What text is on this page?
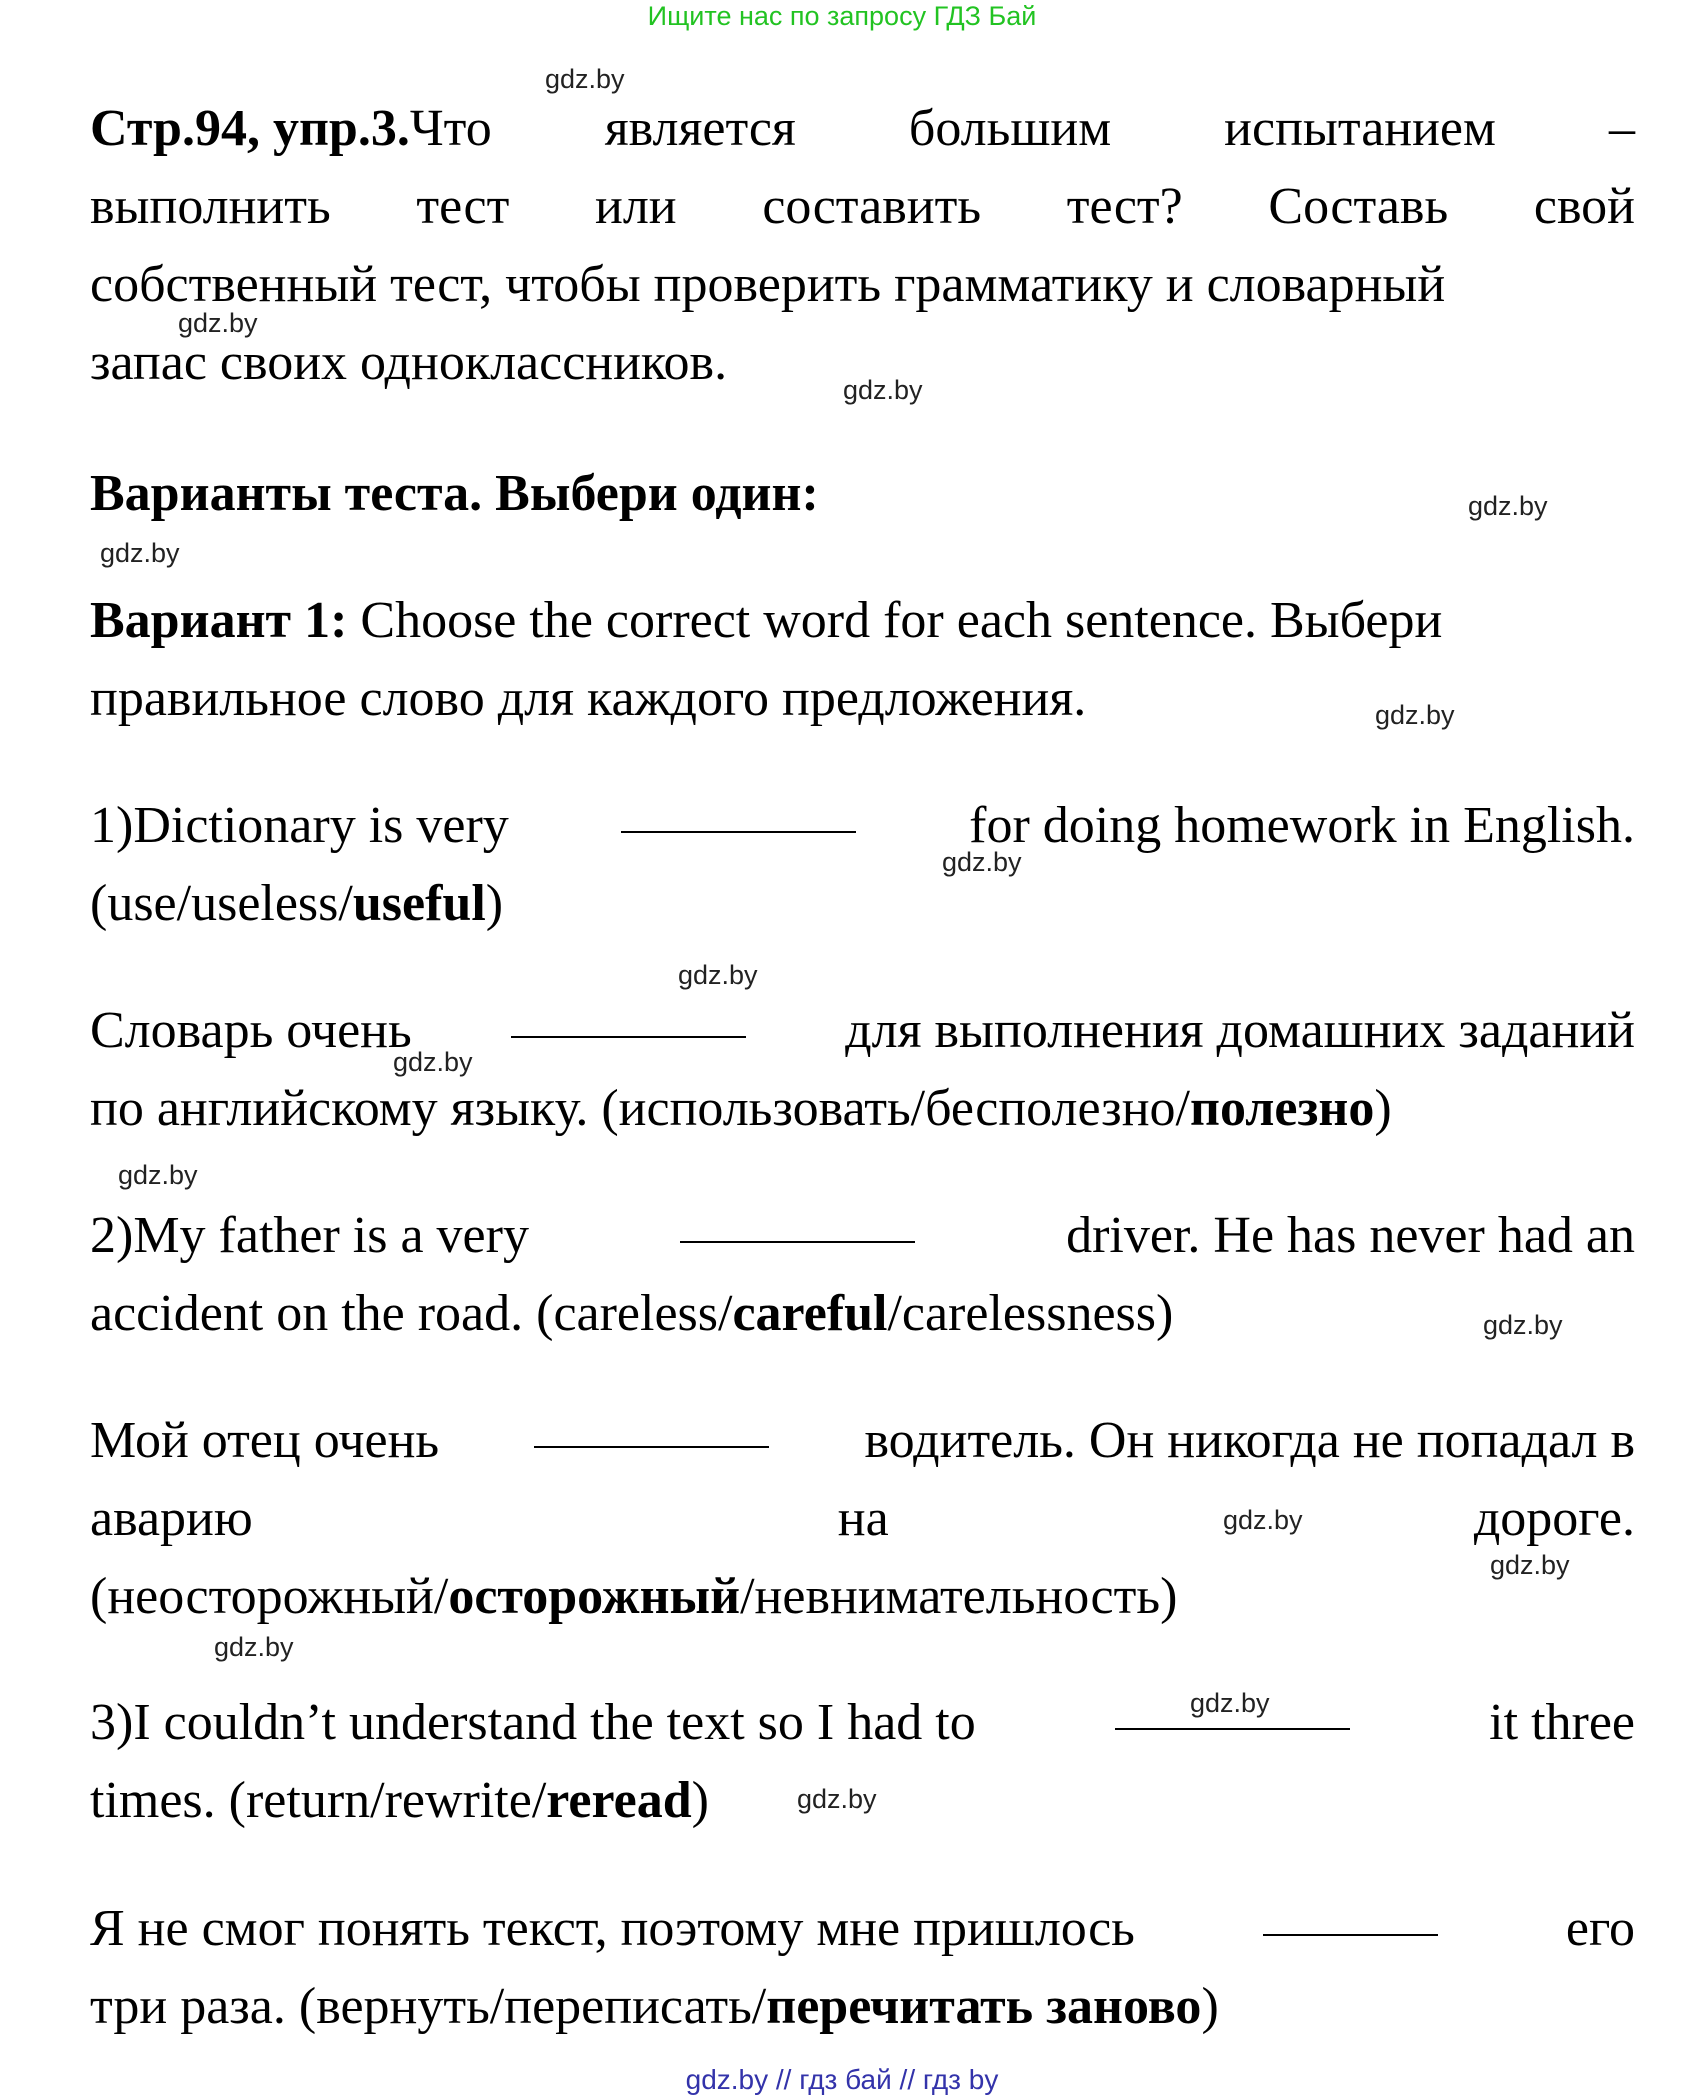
Ищите нас по запросу ГДЗ Бай
Стр.94, упр.3.Что является большим испытанием –
выполнить тест или составить тест? Составь свой
собственный тест, чтобы проверить грамматику и словарный
запас своих одноклассников.
Варианты теста. Выбери один:
Вариант 1: Choose the correct word for each sentence. Выбери
правильное слово для каждого предложения.
1)Dictionary is very	for doing homework in English.
(use/useless/useful)
Словарь очень	для выполнения домашних заданий
по английскому языку. (использовать/бесполезно/полезно)
2)My father is a very	driver. He has never had an
accident on the road. (careless/careful/carelessness)
Мой отец очень	водитель. Он никогда не попадал в
аварию	на	дороге.
(неосторожный/осторожный/невнимательность)
3)I couldn’t understand the text so I had to	it three
times. (return/rewrite/reread)
Я не смог понять текст, поэтому мне пришлось	его
три раза. (вернуть/переписать/перечитать заново)
gdz.by
gdz.by
gdz.by
gdz.by
gdz.by
gdz.by
gdz.by
gdz.by
gdz.by
gdz.by
gdz.by
gdz.by
gdz.by
gdz.by
gdz.by
gdz.by
gdz.by // гдз бай // гдз by
